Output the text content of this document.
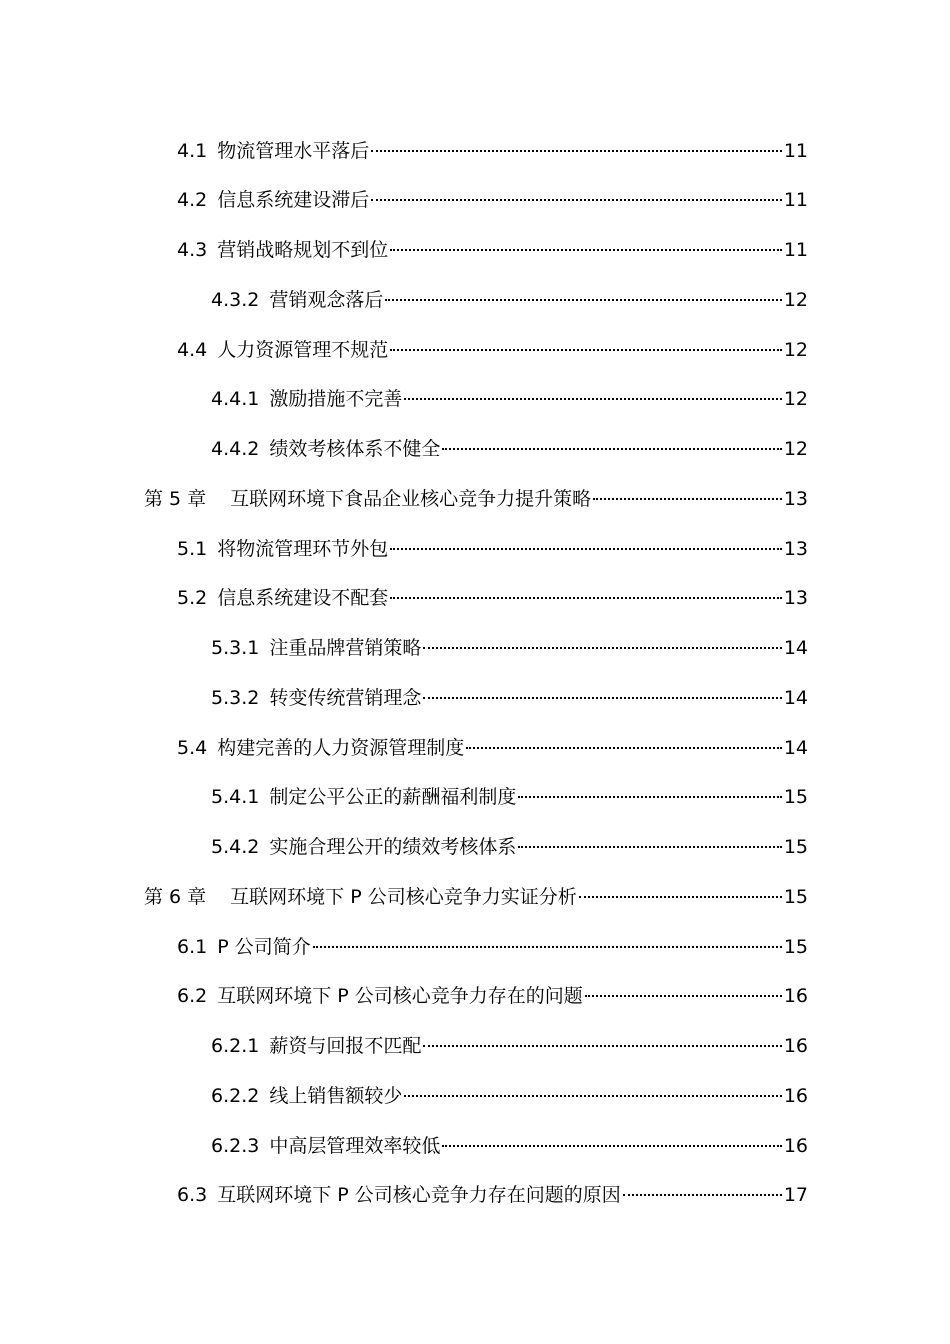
4.1 物流管理水平落后	11
4.2 信息系统建设滞后	11
4.3 营销战略规划不到位	11
4.3.2 营销观念落后	12
4.4 人力资源管理不规范	12
4.4.1 激励措施不完善	12
4.4.2 绩效考核体系不健全	12
第 5 章 互联网环境下食品企业核心竞争力提升策略	13
5.1 将物流管理环节外包	13
5.2 信息系统建设不配套	13
5.3.1 注重品牌营销策略	14
5.3.2 转变传统营销理念	14
5.4 构建完善的人力资源管理制度	14
5.4.1 制定公平公正的薪酬福利制度	15
5.4.2 实施合理公开的绩效考核体系	15
第 6 章 互联网环境下 P 公司核心竞争力实证分析	15
6.1 P 公司简介	15
6.2 互联网环境下 P 公司核心竞争力存在的问题	16
6.2.1 薪资与回报不匹配	16
6.2.2 线上销售额较少	16
6.2.3 中高层管理效率较低	16
6.3 互联网环境下 P 公司核心竞争力存在问题的原因	17
